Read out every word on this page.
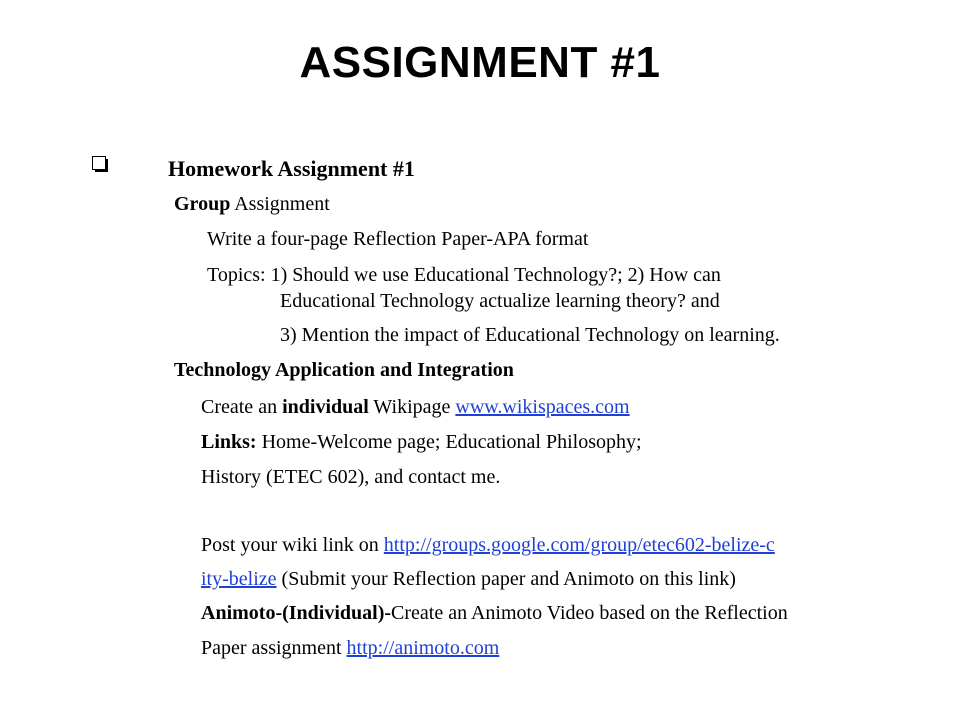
ASSIGNMENT #1
Homework Assignment #1
Group Assignment
Write a four-page Reflection Paper-APA format
Topics: 1) Should we use Educational Technology?; 2) How can
Educational Technology actualize learning theory? and
3) Mention the impact of Educational Technology on learning.
Technology Application and Integration
Create an individual Wikipage www.wikispaces.com
Links: Home-Welcome page; Educational Philosophy;
History (ETEC 602), and contact me.
Post your wiki link on http://groups.google.com/group/etec602-belize-c
ity-belize (Submit your Reflection paper and Animoto on this link)
Animoto-(Individual)-Create an Animoto Video based on the Reflection
Paper assignment http://animoto.com
